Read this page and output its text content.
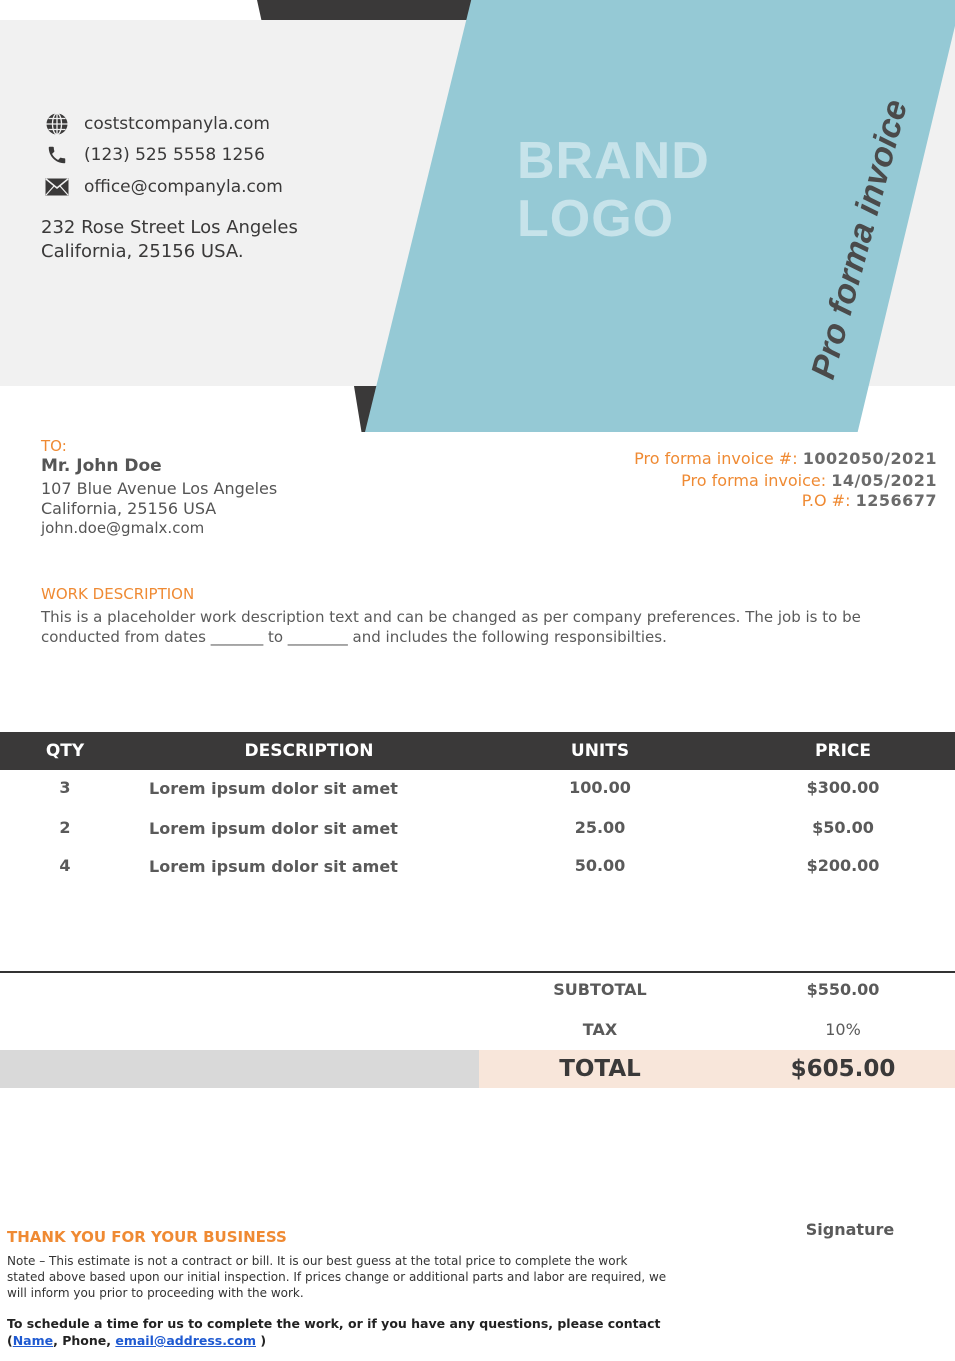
BRAND
LOGO	Pro forma invoice
coststcompanyla.com
(123) 525 5558 1256
office@companyla.com
232 Rose Street Los Angeles
California, 25156 USA.
TO:
Mr. John Doe
107 Blue Avenue Los Angeles
California, 25156 USA
john.doe@gmalx.com
Pro forma invoice #: 1002050/2021
Pro forma invoice: 14/05/2021
P.O #: 1256677
WORK DESCRIPTION
This is a placeholder work description text and can be changed as per company preferences. The job is to be conducted from dates _______ to ________ and includes the following responsibilties.
QTY	DESCRIPTION	UNITS	PRICE
3	Lorem ipsum dolor sit amet	100.00	$300.00
2	Lorem ipsum dolor sit amet	25.00	$50.00
4	Lorem ipsum dolor sit amet	50.00	$200.00
SUBTOTAL	$550.00
TAX	10%
TOTAL	$605.00
THANK YOU FOR YOUR BUSINESS
Note – This estimate is not a contract or bill. It is our best guess at the total price to complete the work stated above based upon our initial inspection. If prices change or additional parts and labor are required, we will inform you prior to proceeding with the work.
To schedule a time for us to complete the work, or if you have any questions, please contact
(Name, Phone, email@address.com )
Signature
